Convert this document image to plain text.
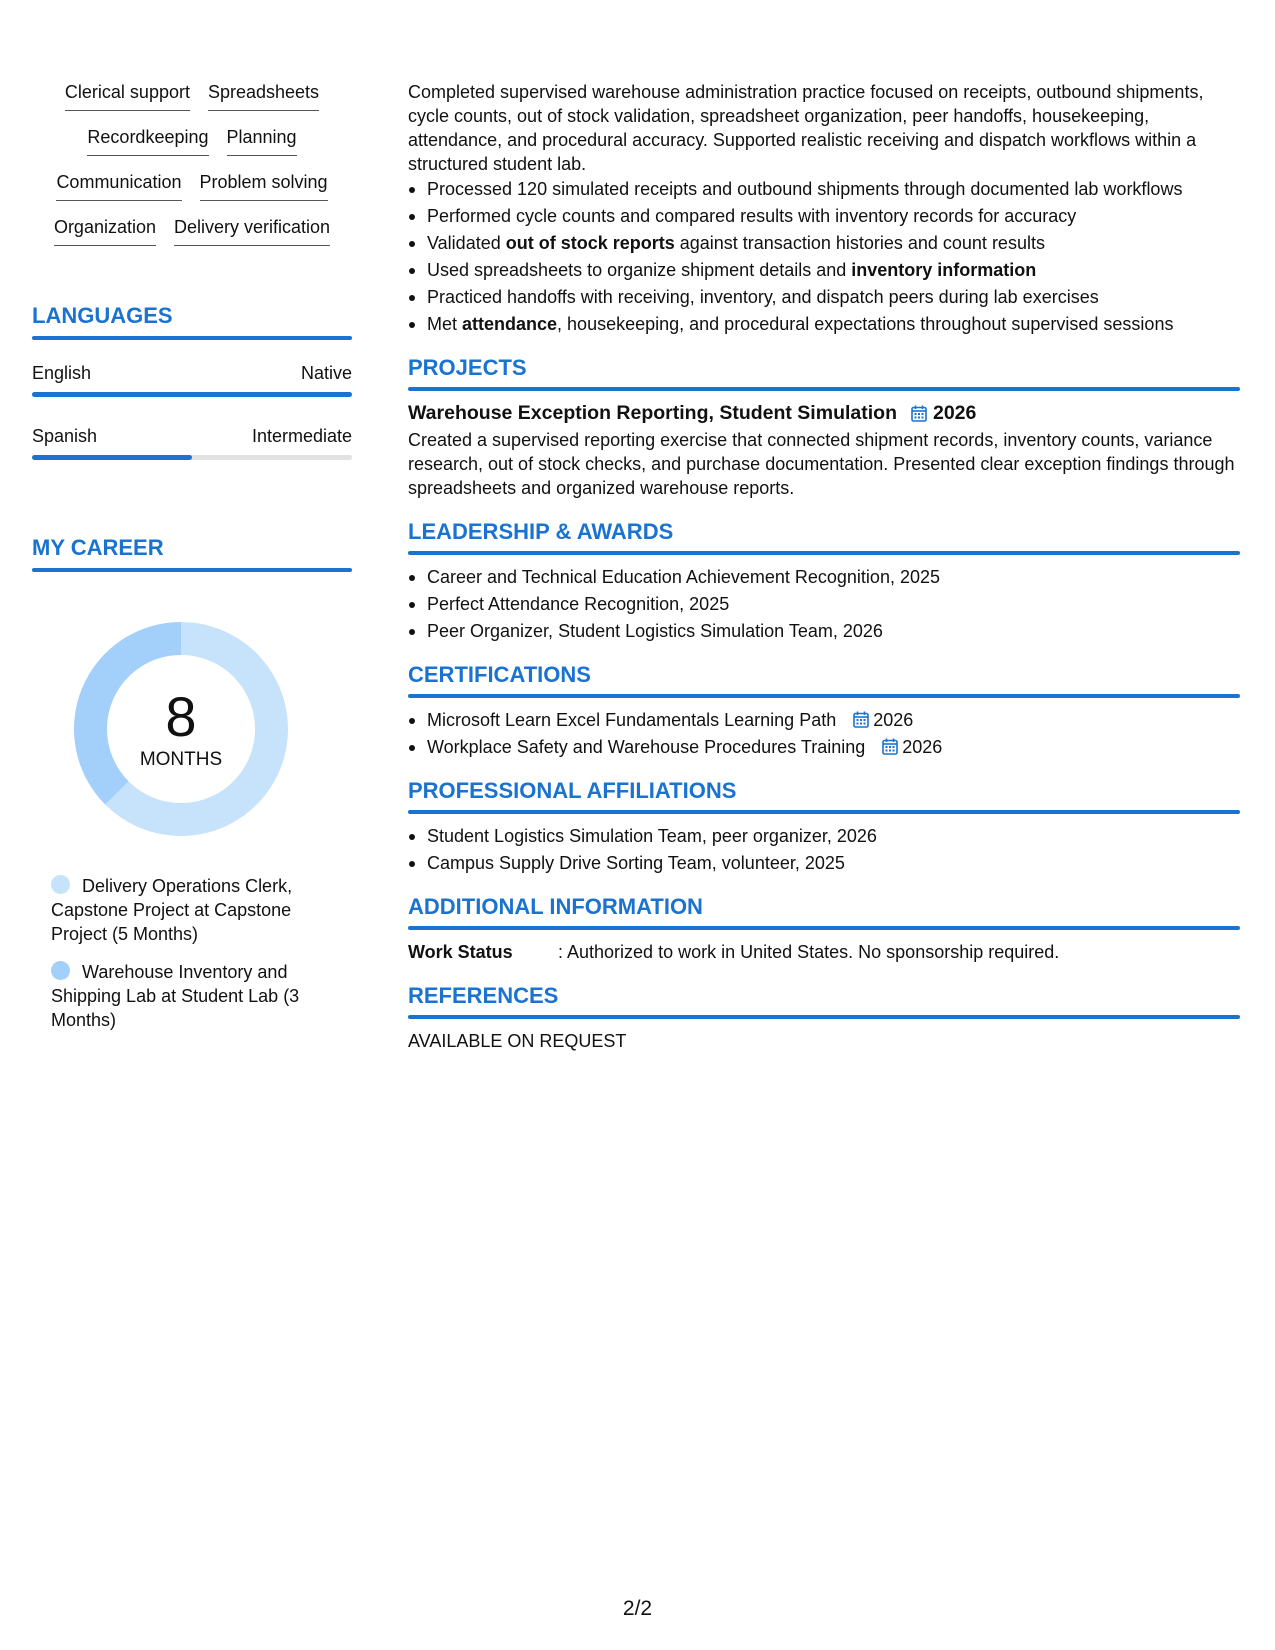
Clerical support Spreadsheets
Recordkeeping Planning
Communication Problem solving
Organization Delivery verification
LANGUAGES
English	Native
Spanish	Intermediate
MY CAREER
8
MONTHS
Delivery Operations Clerk, Capstone Project at Capstone Project (5 Months)
Warehouse Inventory and Shipping Lab at Student Lab (3 Months)

Completed supervised warehouse administration practice focused on receipts, outbound shipments, cycle counts, out of stock validation, spreadsheet organization, peer handoffs, housekeeping, attendance, and procedural accuracy. Supported realistic receiving and dispatch workflows within a structured student lab.

Processed 120 simulated receipts and outbound shipments through documented lab workflows
Performed cycle counts and compared results with inventory records for accuracy
Validated out of stock reports against transaction histories and count results
Used spreadsheets to organize shipment details and inventory information
Practiced handoffs with receiving, inventory, and dispatch peers during lab exercises
Met attendance, housekeeping, and procedural expectations throughout supervised sessions
PROJECTS
Warehouse Exception Reporting, Student Simulation 2026

Created a supervised reporting exercise that connected shipment records, inventory counts, variance research, out of stock checks, and purchase documentation. Presented clear exception findings through spreadsheets and organized warehouse reports.

LEADERSHIP & AWARDS
Career and Technical Education Achievement Recognition, 2025
Perfect Attendance Recognition, 2025
Peer Organizer, Student Logistics Simulation Team, 2026
CERTIFICATIONS
Microsoft Learn Excel Fundamentals Learning Path 2026
Workplace Safety and Warehouse Procedures Training 2026
PROFESSIONAL AFFILIATIONS
Student Logistics Simulation Team, peer organizer, 2026
Campus Supply Drive Sorting Team, volunteer, 2025
ADDITIONAL INFORMATION
Work Status	: Authorized to work in United States. No sponsorship required.
REFERENCES

AVAILABLE ON REQUEST

2/2
